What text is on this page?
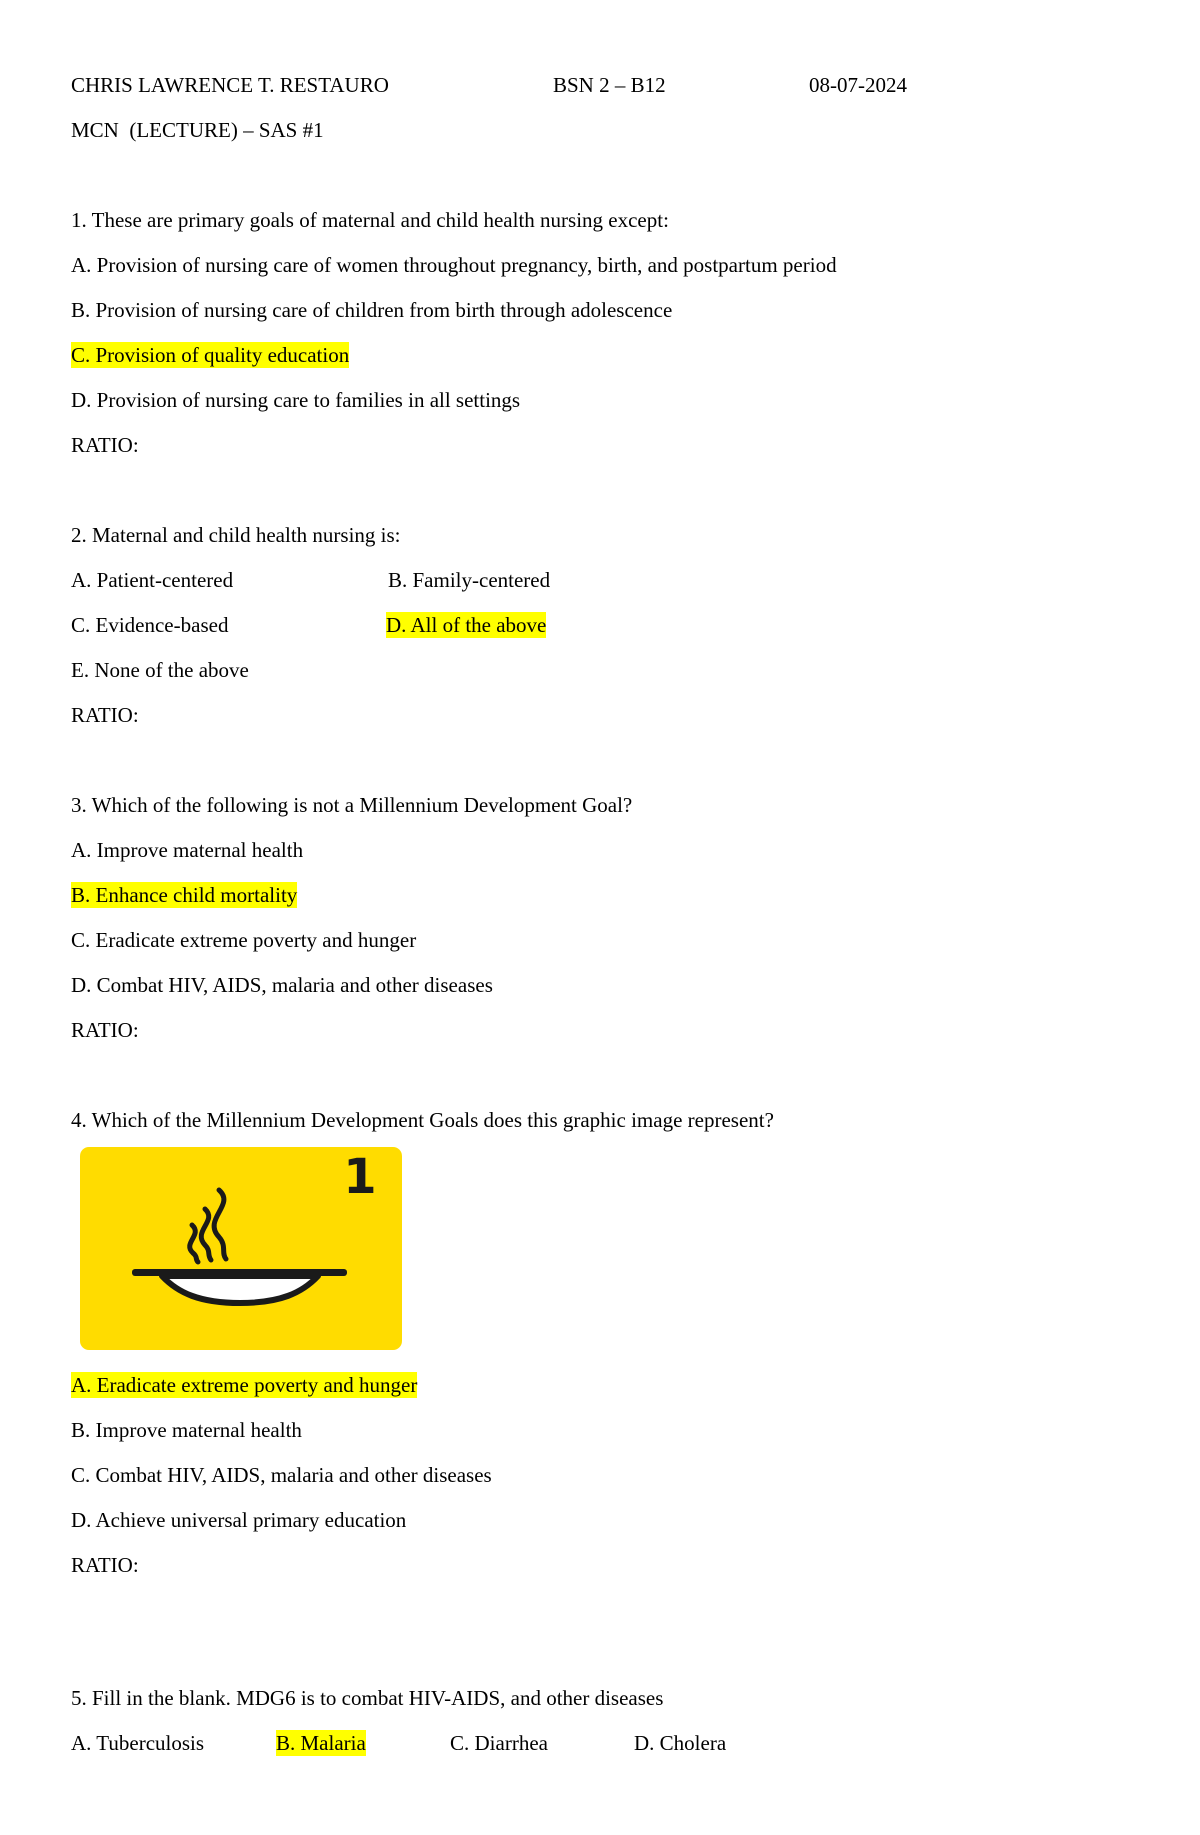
CHRIS LAWRENCE T. RESTAURO	BSN 2 – B12	08-07-2024
MCN  (LECTURE) – SAS #1
1. These are primary goals of maternal and child health nursing except:
A. Provision of nursing care of women throughout pregnancy, birth, and postpartum period
B. Provision of nursing care of children from birth through adolescence
C. Provision of quality education
D. Provision of nursing care to families in all settings
RATIO:
2. Maternal and child health nursing is:
A. Patient-centered	B. Family-centered
C. Evidence-based	D. All of the above
E. None of the above
RATIO:
3. Which of the following is not a Millennium Development Goal?
A. Improve maternal health
B. Enhance child mortality
C. Eradicate extreme poverty and hunger
D. Combat HIV, AIDS, malaria and other diseases
RATIO:
4. Which of the Millennium Development Goals does this graphic image represent?
1
A. Eradicate extreme poverty and hunger
B. Improve maternal health
C. Combat HIV, AIDS, malaria and other diseases
D. Achieve universal primary education
RATIO:
5. Fill in the blank. MDG6 is to combat HIV-AIDS, and other diseases
A. Tuberculosis	B. Malaria	C. Diarrhea	D. Cholera
